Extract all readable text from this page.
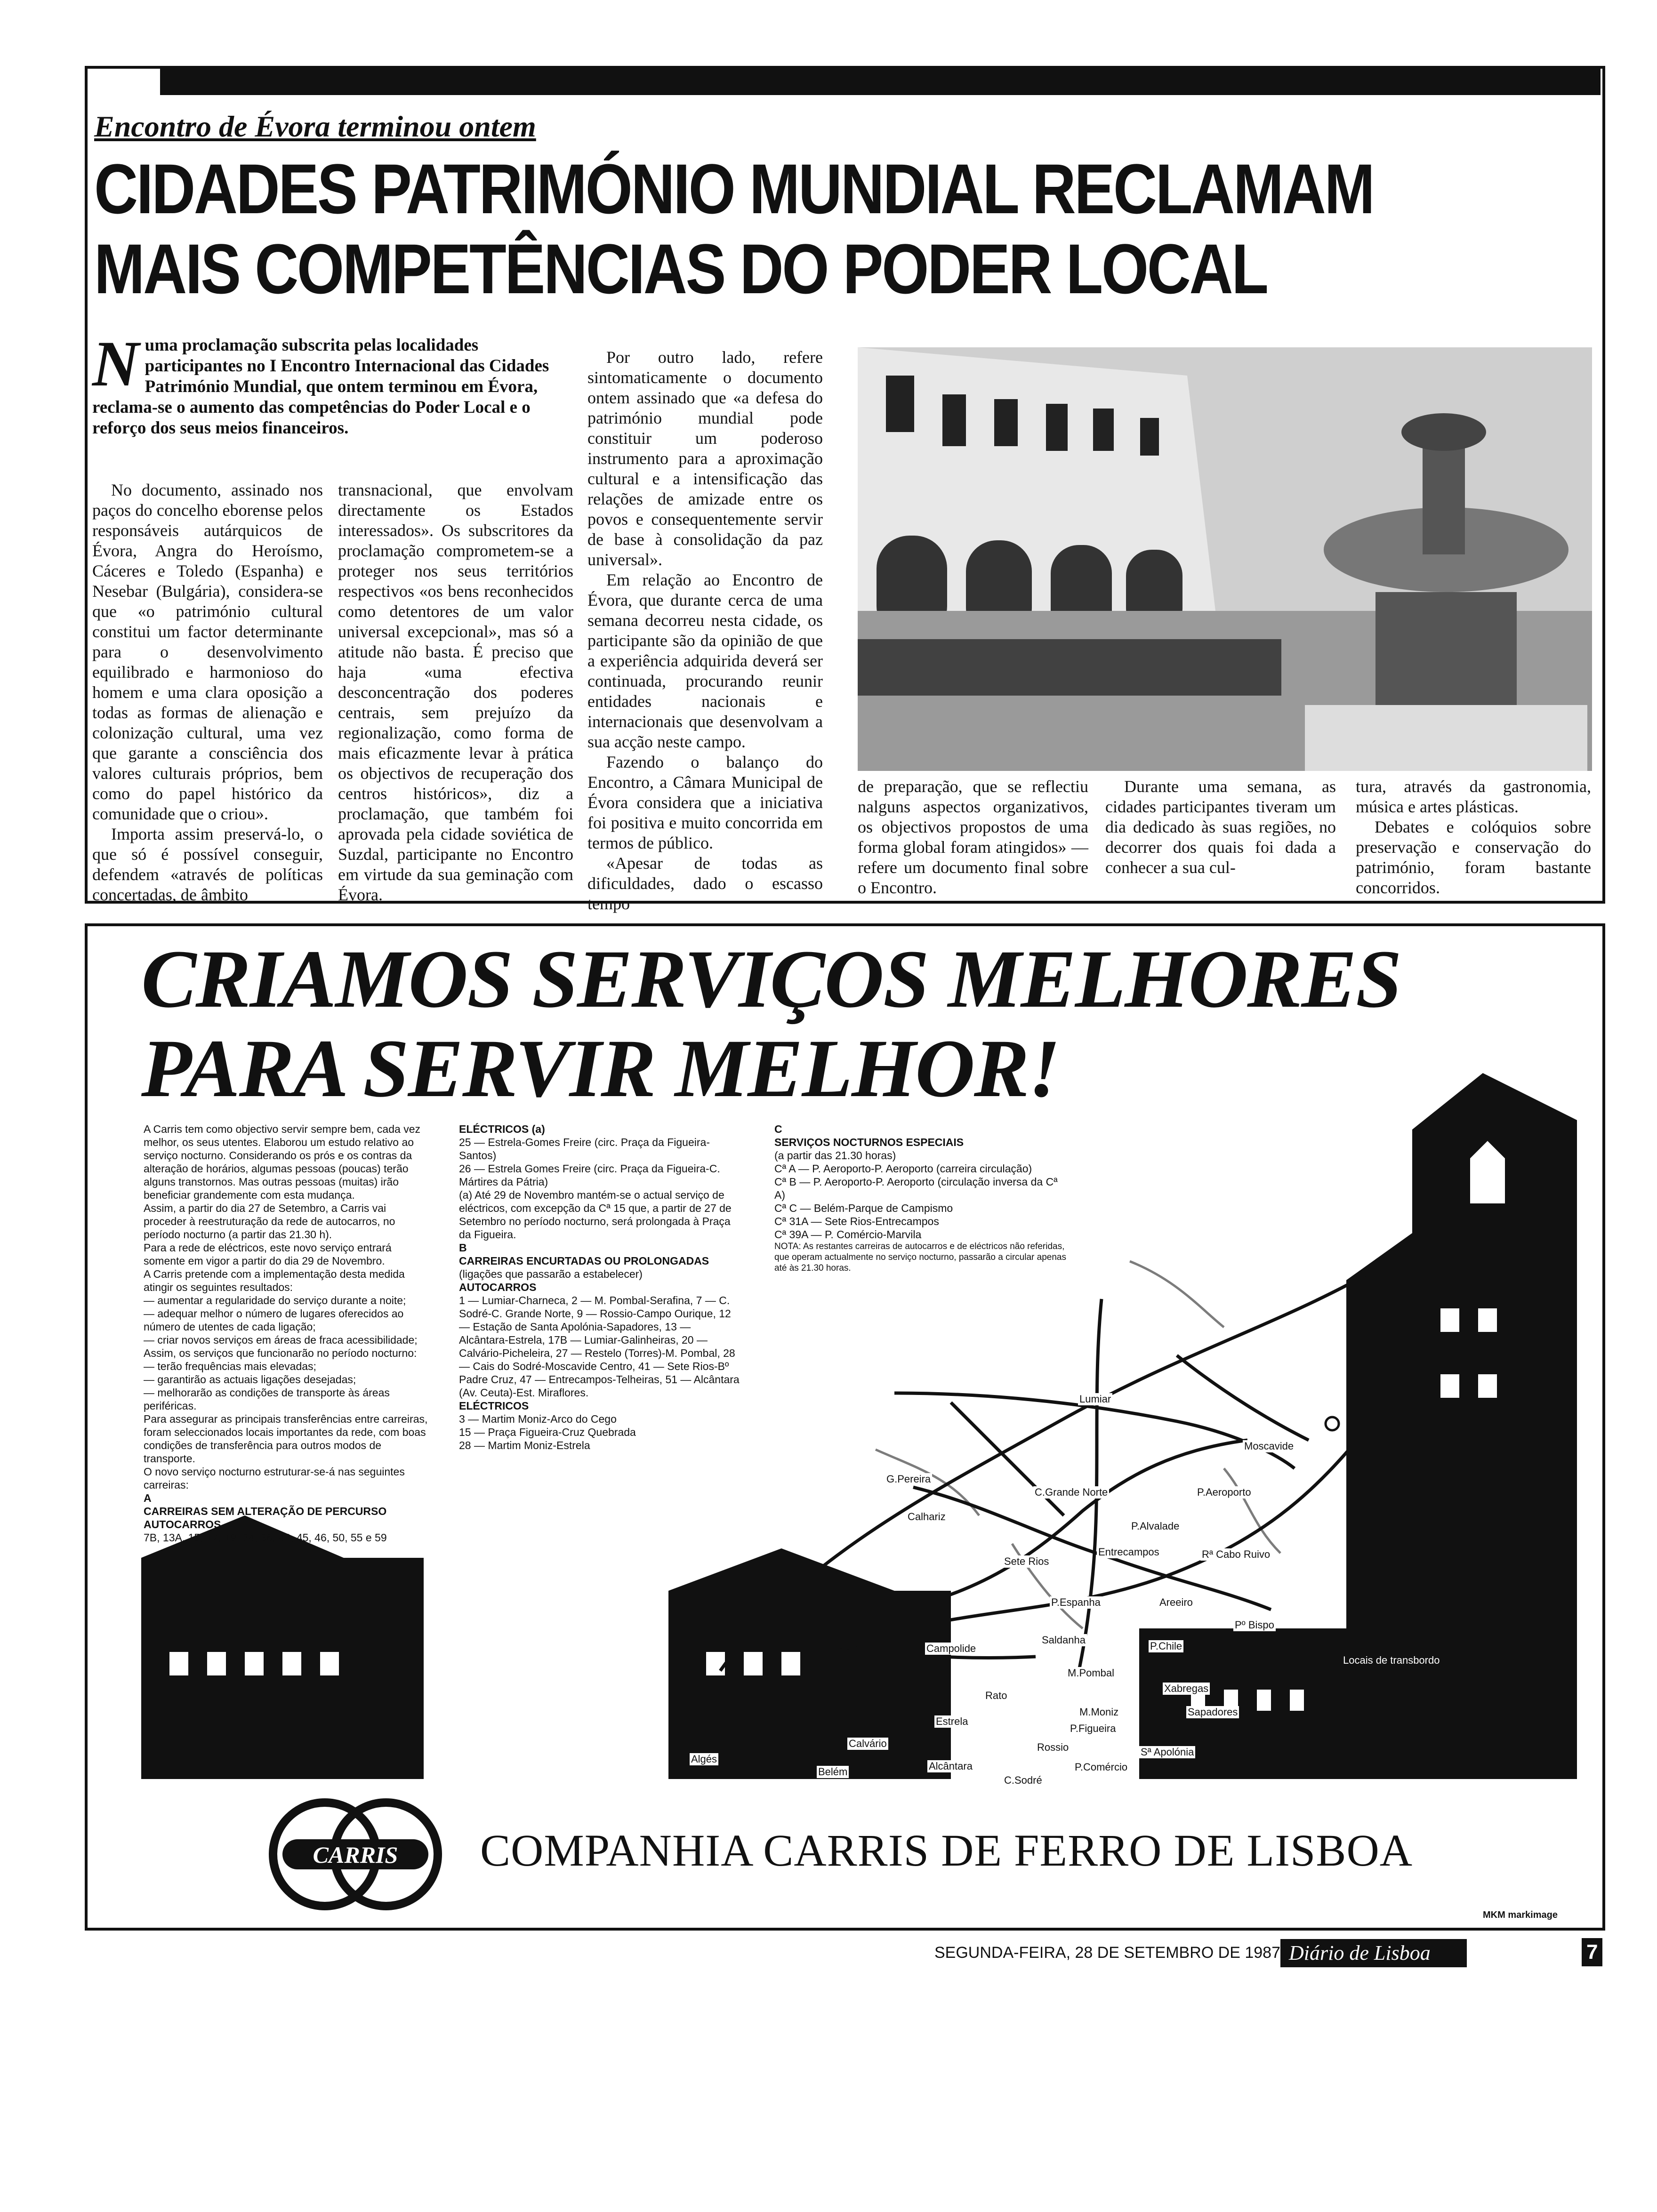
Encontro de Évora terminou ontem
CIDADES PATRIMÓNIO MUNDIAL RECLAMAM
MAIS COMPETÊNCIAS DO PODER LOCAL
N uma proclamação subscrita pelas localidades participantes no I Encontro Internacional das Cidades Património Mundial, que ontem terminou em Évora, reclama-se o aumento das competências do Poder Local e o reforço dos seus meios financeiros.

No documento, assinado nos paços do concelho eborense pelos responsáveis autárquicos de Évora, Angra do Heroísmo, Cáceres e Toledo (Espanha) e Nesebar (Bulgária), considera-se que «o património cultural constitui um factor determinante para o desenvolvimento equilibrado e harmonioso do homem e uma clara oposição a todas as formas de alienação e colonização cultural, uma vez que garante a consciência dos valores culturais próprios, bem como do papel histórico da comunidade que o criou».

Importa assim preservá-lo, o que só é possível conseguir, defendem «através de políticas concertadas, de âmbito

transnacional, que envolvam directamente os Estados interessados». Os subscritores da proclamação comprometem-se a proteger nos seus territórios respectivos «os bens reconhecidos como detentores de um valor universal excepcional», mas só a atitude não basta. É preciso que haja «uma efectiva desconcentração dos poderes centrais, sem prejuízo da regionalização, como forma de mais eficazmente levar à prática os objectivos de recuperação dos centros históricos», diz a proclamação, que também foi aprovada pela cidade soviética de Suzdal, participante no Encontro em virtude da sua geminação com Évora.

Por outro lado, refere sintomaticamente o documento ontem assinado que «a defesa do património mundial pode constituir um poderoso instrumento para a aproximação cultural e a intensificação das relações de amizade entre os povos e consequentemente servir de base à consolidação da paz universal».

Em relação ao Encontro de Évora, que durante cerca de uma semana decorreu nesta cidade, os participante são da opinião de que a experiência adquirida deverá ser continuada, procurando reunir entidades nacionais e internacionais que desenvolvam a sua acção neste campo.

Fazendo o balanço do Encontro, a Câmara Municipal de Évora considera que a iniciativa foi positiva e muito concorrida em termos de público.

«Apesar de todas as dificuldades, dado o escasso tempo

de preparação, que se reflectiu nalguns aspectos organizativos, os objectivos propostos de uma forma global foram atingidos» — refere um documento final sobre o Encontro.

Durante uma semana, as cidades participantes tiveram um dia dedicado às suas regiões, no decorrer dos quais foi dada a conhecer a sua cul-

tura, através da gastronomia, música e artes plásticas.

Debates e colóquios sobre preservação e conservação do património, foram bastante concorridos.

CRIAMOS SERVIÇOS MELHORES
PARA SERVIR MELHOR!
Lumiar
Moscavide
G.Pereira
C.Grande Norte	P.Aeroporto
Calhariz
P.Alvalade
Sete Rios
Entrecampos	Rª Cabo Ruivo
P.Espanha	Areeiro
Pº Bispo
Campolide
Saldanha
P.Chile
M.Pombal
Rato
Xabregas
M.Moniz	Sapadores
Estrela
P.Figueira
Calvário	Rossio	Sª Apolónia
Algés
Alcântara	P.Comércio
Belém
C.Sodré
Locais de transbordo

A Carris tem como objectivo servir sempre bem, cada vez melhor, os seus utentes. Elaborou um estudo relativo ao serviço nocturno. Considerando os prós e os contras da alteração de horários, algumas pessoas (poucas) terão alguns transtornos. Mas outras pessoas (muitas) irão beneficiar grandemente com esta mudança.

Assim, a partir do dia 27 de Setembro, a Carris vai proceder à reestruturação da rede de autocarros, no período nocturno (a partir das 21.30 h).

Para a rede de eléctricos, este novo serviço entrará somente em vigor a partir do dia 29 de Novembro.

A Carris pretende com a implementação desta medida atingir os seguintes resultados:

— aumentar a regularidade do serviço durante a noite;

— adequar melhor o número de lugares oferecidos ao número de utentes de cada ligação;

— criar novos serviços em áreas de fraca acessibilidade;

Assim, os serviços que funcionarão no período nocturno:

— terão frequências mais elevadas;

— garantirão as actuais ligações desejadas;

— melhorarão as condições de transporte às áreas periféricas.

Para assegurar as principais transferências entre carreiras, foram seleccionados locais importantes da rede, com boas condições de transferência para outros modos de transporte.

O novo serviço nocturno estruturar-se-á nas seguintes carreiras:

A

CARREIRAS SEM ALTERAÇÃO DE PERCURSO

AUTOCARROS

7B, 13A, 15, 17, 19, 24, 36, 42, 45, 46, 50, 55 e 59

ELÉCTRICOS (a)

25 — Estrela-Gomes Freire (circ. Praça da Figueira-Santos)

26 — Estrela Gomes Freire (circ. Praça da Figueira-C. Mártires da Pátria)

(a) Até 29 de Novembro mantém-se o actual serviço de eléctricos, com excepção da Cª 15 que, a partir de 27 de Setembro no período nocturno, será prolongada à Praça da Figueira.

B

CARREIRAS ENCURTADAS OU PROLONGADAS

(ligações que passarão a estabelecer)

AUTOCARROS

1 — Lumiar-Charneca, 2 — M. Pombal-Serafina, 7 — C. Sodré-C. Grande Norte, 9 — Rossio-Campo Ourique, 12 — Estação de Santa Apolónia-Sapadores, 13 — Alcântara-Estrela, 17B — Lumiar-Galinheiras, 20 — Calvário-Picheleira, 27 — Restelo (Torres)-M. Pombal, 28 — Cais do Sodré-Moscavide Centro, 41 — Sete Rios-Bº Padre Cruz, 47 — Entrecampos-Telheiras, 51 — Alcântara (Av. Ceuta)-Est. Miraflores.

ELÉCTRICOS

3 — Martim Moniz-Arco do Cego

15 — Praça Figueira-Cruz Quebrada

28 — Martim Moniz-Estrela

C

SERVIÇOS NOCTURNOS ESPECIAIS

(a partir das 21.30 horas)

Cª A — P. Aeroporto-P. Aeroporto (carreira circulação)

Cª B — P. Aeroporto-P. Aeroporto (circulação inversa da Cª A)

Cª C — Belém-Parque de Campismo

Cª 31A — Sete Rios-Entrecampos

Cª 39A — P. Comércio-Marvila

NOTA: As restantes carreiras de autocarros e de eléctricos não referidas, que operam actualmente no serviço nocturno, passarão a circular apenas até às 21.30 horas.

CARRIS	COMPANHIA CARRIS DE FERRO DE LISBOA
MKM markimage
SEGUNDA-FEIRA, 28 DE SETEMBRO DE 1987 Diário de Lisboa	7
